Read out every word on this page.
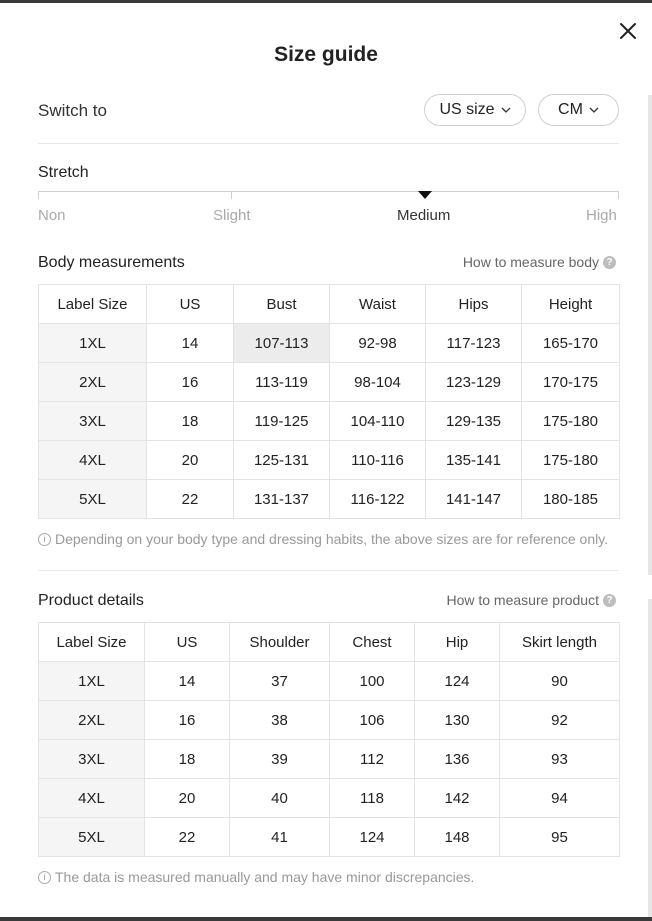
Size guide
Switch to	US size	CM
Stretch
Non	Slight	Medium	High
Body measurements	How to measure body ?
Label Size	US	Bust	Waist	Hips	Height
1XL	14	107-113	92-98	117-123	165-170
2XL	16	113-119	98-104	123-129	170-175
3XL	18	119-125	104-110	129-135	175-180
4XL	20	125-131	110-116	135-141	175-180
5XL	22	131-137	116-122	141-147	180-185
i Depending on your body type and dressing habits, the above sizes are for reference only.
Product details	How to measure product ?
Label Size	US	Shoulder	Chest	Hip	Skirt length
1XL	14	37	100	124	90
2XL	16	38	106	130	92
3XL	18	39	112	136	93
4XL	20	40	118	142	94
5XL	22	41	124	148	95
i The data is measured manually and may have minor discrepancies.
